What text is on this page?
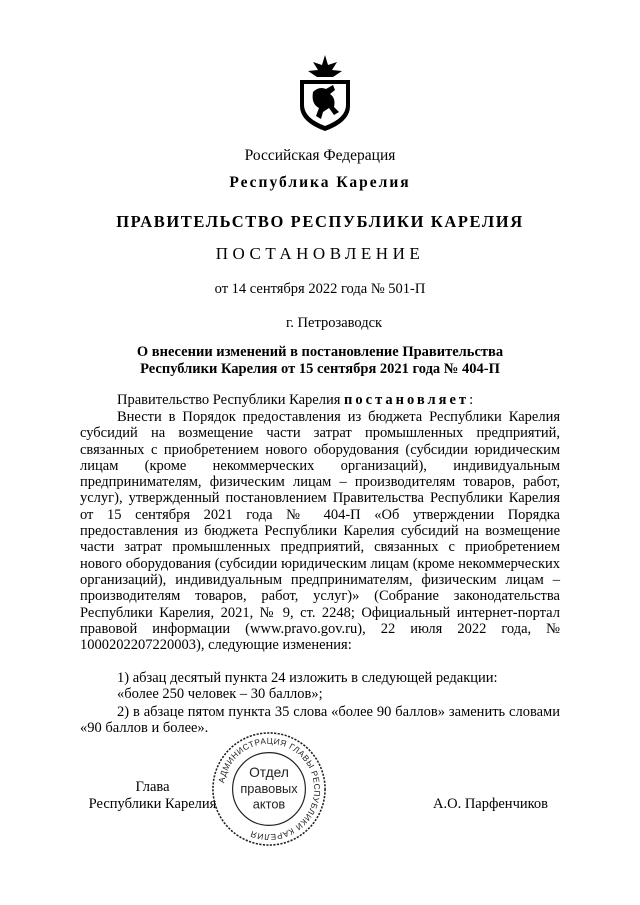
Российская Федерация
Республика Карелия
ПРАВИТЕЛЬСТВО РЕСПУБЛИКИ КАРЕЛИЯ
ПОСТАНОВЛЕНИЕ
от 14 сентября 2022 года № 501-П
г. Петрозаводск
О внесении изменений в постановление Правительства
Республики Карелия от 15 сентября 2021 года № 404-П
Правительство Республики Карелия постановляет:
Внести в Порядок предоставления из бюджета Республики Карелия субсидий на возмещение части затрат промышленных предприятий, связанных с приобретением нового оборудования (субсидии юридическим лицам (кроме некоммерческих организаций), индивидуальным предпринимателям, физическим лицам – производителям товаров, работ, услуг), утвержденный постановлением Правительства Республики Карелия от 15 сентября 2021 года № 404-П «Об утверждении Порядка предоставления из бюджета Республики Карелия субсидий на возмещение части затрат промышленных предприятий, связанных с приобретением нового оборудования (субсидии юридическим лицам (кроме некоммерческих организаций), индивидуальным предпринимателям, физическим лицам – производителям товаров, работ, услуг)» (Собрание законодательства Республики Карелия, 2021, № 9, ст. 2248; Официальный интернет-портал правовой информации (www.pravo.gov.ru), 22 июля 2022 года, № 1000202207220003), следующие изменения:
1) абзац десятый пункта 24 изложить в следующей редакции:
«более 250 человек – 30 баллов»;
2) в абзаце пятом пункта 35 слова «более 90 баллов» заменить словами «90 баллов и более».
Глава
Республики Карелия	А.О. Парфенчиков
АДМИНИСТРАЦИЯ ГЛАВЫ РЕСПУБЛИКИ КАРЕЛИЯ
Отдел
правовых
актов
